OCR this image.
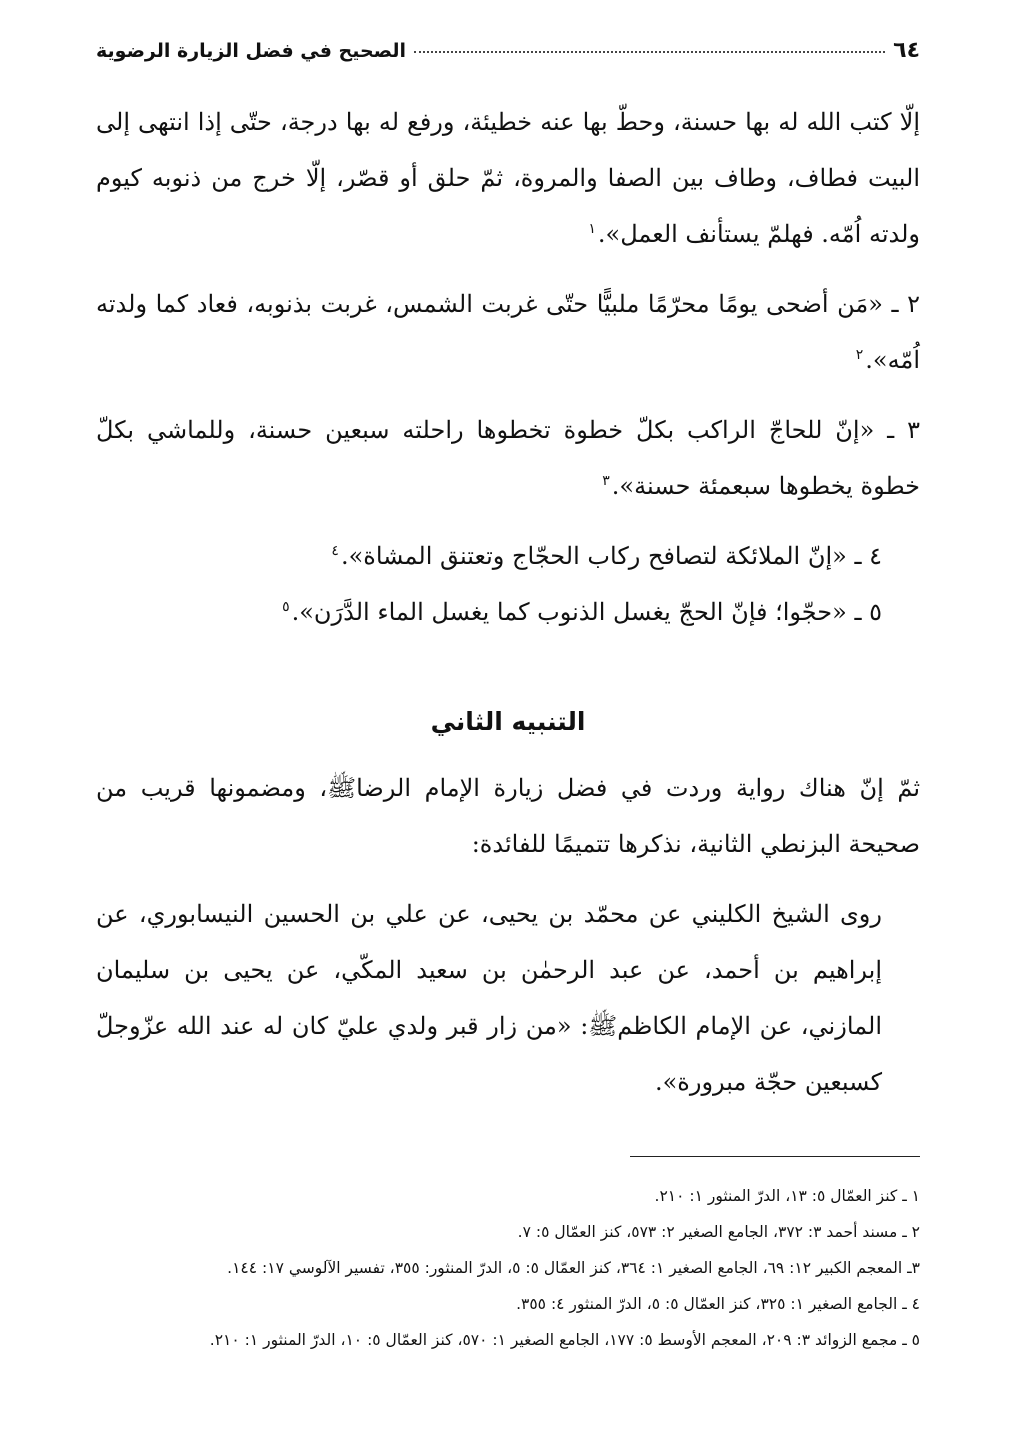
٦٤
الصحيح في فضل الزيارة الرضوية

إلّا كتب الله له بها حسنة، وحطّ بها عنه خطيئة، ورفع له بها درجة، حتّى إذا انتهى إلى البيت فطاف، وطاف بين الصفا والمروة، ثمّ حلق أو قصّر، إلّا خرج من ذنوبه كيوم ولدته اُمّه. فهلمّ يستأنف العمل».$^١$

٢ ـ «مَن أضحى يومًا محرّمًا ملبيًّا حتّى غربت الشمس، غربت بذنوبه، فعاد كما ولدته اُمّه».$^٢$

٣ ـ «إنّ للحاجّ الراكب بكلّ خطوة تخطوها راحلته سبعين حسنة، وللماشي بكلّ خطوة يخطوها سبعمئة حسنة».$^٣$

٤ ـ «إنّ الملائكة لتصافح ركاب الحجّاج وتعتنق المشاة».$^٤$

٥ ـ «حجّوا؛ فإنّ الحجّ يغسل الذنوب كما يغسل الماء الدَّرَن».$^٥$

التنبيه الثاني

ثمّ إنّ هناك رواية وردت في فضل زيارة الإمام الرضاﷺ، ومضمونها قريب من صحيحة البزنطي الثانية، نذكرها تتميمًا للفائدة:

روى الشيخ الكليني عن محمّد بن يحيى، عن علي بن الحسين النيسابوري، عن إبراهيم بن أحمد، عن عبد الرحمٰن بن سعيد المكّي، عن يحيى بن سليمان المازني، عن الإمام الكاظمﷺ: «من زار قبر ولدي عليّ كان له عند الله عزّوجلّ كسبعين حجّة مبرورة».

١ ـ كنز العمّال ٥: ١٣، الدرّ المنثور ١: ٢١٠.
٢ ـ مسند أحمد ٣: ٣٧٢، الجامع الصغير ٢: ٥٧٣، كنز العمّال ٥: ٧.
٣ـ المعجم الكبير ١٢: ٦٩، الجامع الصغير ١: ٣٦٤، كنز العمّال ٥: ٥، الدرّ المنثور: ٣٥٥، تفسير الآلوسي ١٧: ١٤٤.
٤ ـ الجامع الصغير ١: ٣٢٥، كنز العمّال ٥: ٥، الدرّ المنثور ٤: ٣٥٥.
٥ ـ مجمع الزوائد ٣: ٢٠٩، المعجم الأوسط ٥: ١٧٧، الجامع الصغير ١: ٥٧٠، كنز العمّال ٥: ١٠، الدرّ المنثور ١: ٢١٠.
